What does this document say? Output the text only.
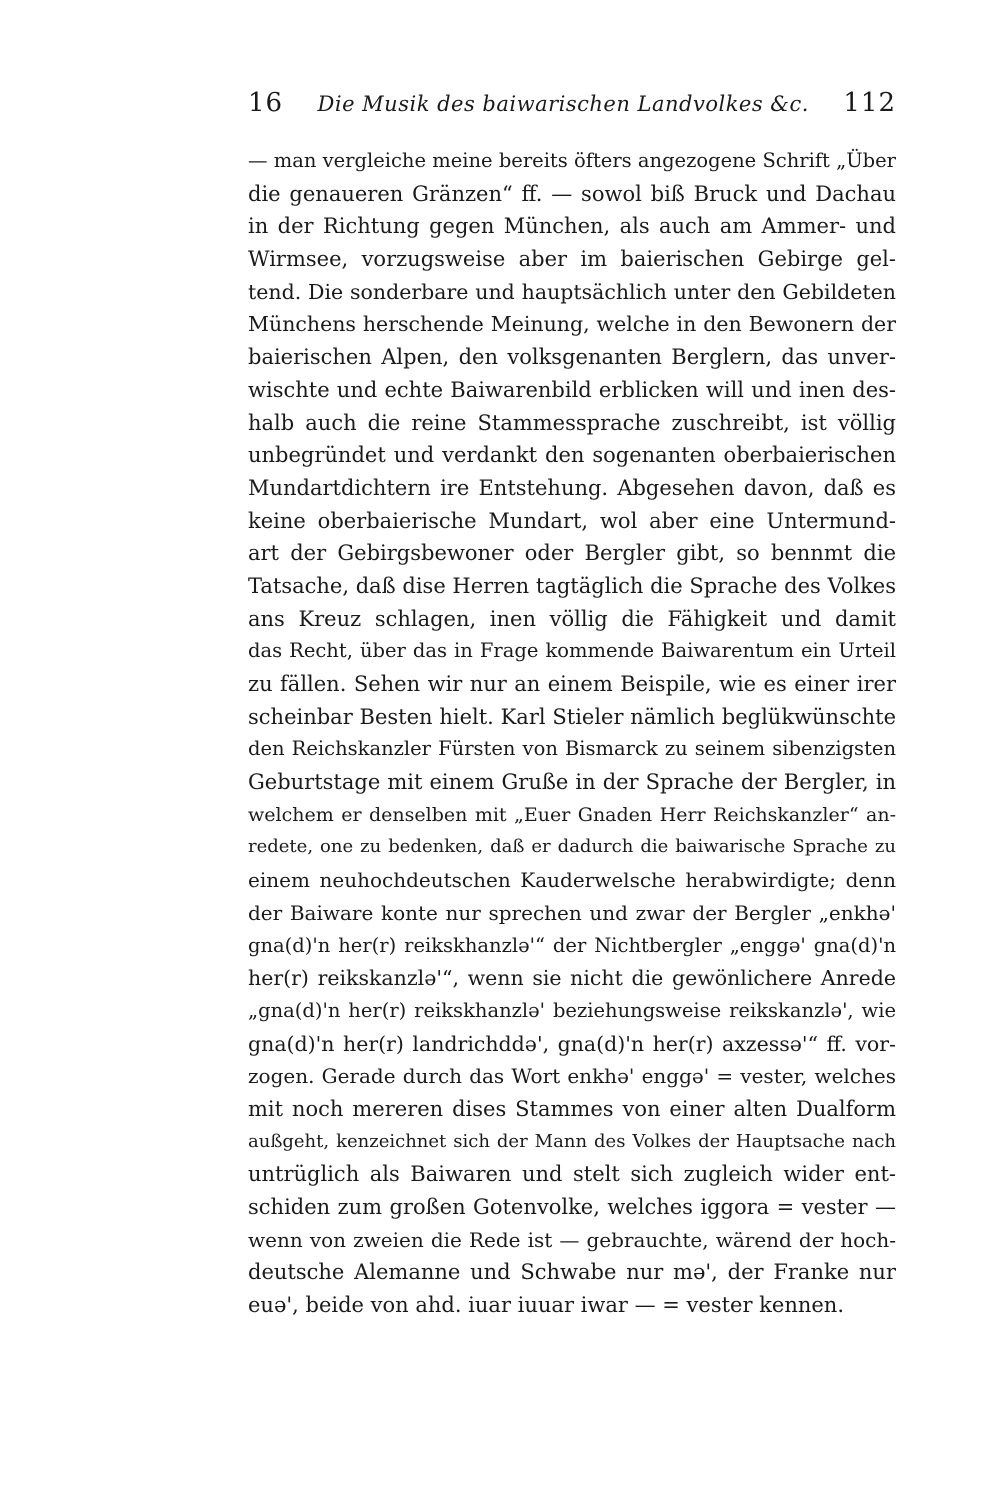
16	Die Musik des baiwarischen Landvolkes &c.	112
— man vergleiche meine bereits öfters angezogene Schrift „Über
die genaueren Gränzen“ ff. — sowol biß Bruck und Dachau
in der Richtung gegen München, als auch am Ammer- und
Wirmsee, vorzugsweise aber im baierischen Gebirge gel-
tend. Die sonderbare und hauptsächlich unter den Gebildeten
Münchens herschende Meinung, welche in den Bewonern der
baierischen Alpen, den volksgenanten Berglern, das unver-
wischte und echte Baiwarenbild erblicken will und inen des-
halb auch die reine Stammessprache zuschreibt, ist völlig
unbegründet und verdankt den sogenanten oberbaierischen
Mundartdichtern ire Entstehung. Abgesehen davon, daß es
keine oberbaierische Mundart, wol aber eine Untermund-
art der Gebirgsbewoner oder Bergler gibt, so bennmt die
Tatsache, daß dise Herren tagtäglich die Sprache des Volkes
ans Kreuz schlagen, inen völlig die Fähigkeit und damit
das Recht, über das in Frage kommende Baiwarentum ein Urteil
zu fällen. Sehen wir nur an einem Beispile, wie es einer irer
scheinbar Besten hielt. Karl Stieler nämlich beglükwünschte
den Reichskanzler Fürsten von Bismarck zu seinem sibenzigsten
Geburtstage mit einem Gruße in der Sprache der Bergler, in
welchem er denselben mit „Euer Gnaden Herr Reichskanzler“ an-
redete, one zu bedenken, daß er dadurch die baiwarische Sprache zu
einem neuhochdeutschen Kauderwelsche herabwirdigte; denn
der Baiware konte nur sprechen und zwar der Bergler „enkhə'
gna(d)'n her(r) reikskhanzlə'“ der Nichtbergler „enggə' gna(d)'n
her(r) reikskanzlə'“, wenn sie nicht die gewönlichere Anrede
„gna(d)'n her(r) reikskhanzlə' beziehungsweise reikskanzlə', wie
gna(d)'n her(r) landrichddə', gna(d)'n her(r) axzessə'“ ff. vor-
zogen. Gerade durch das Wort enkhə' enggə' = vester, welches
mit noch mereren dises Stammes von einer alten Dualform
außgeht, kenzeichnet sich der Mann des Volkes der Hauptsache nach
untrüglich als Baiwaren und stelt sich zugleich wider ent-
schiden zum großen Gotenvolke, welches iggora = vester —
wenn von zweien die Rede ist — gebrauchte, wärend der hoch-
deutsche Alemanne und Schwabe nur mə', der Franke nur
euə', beide von ahd. iuar iuuar iwar — = vester kennen.
